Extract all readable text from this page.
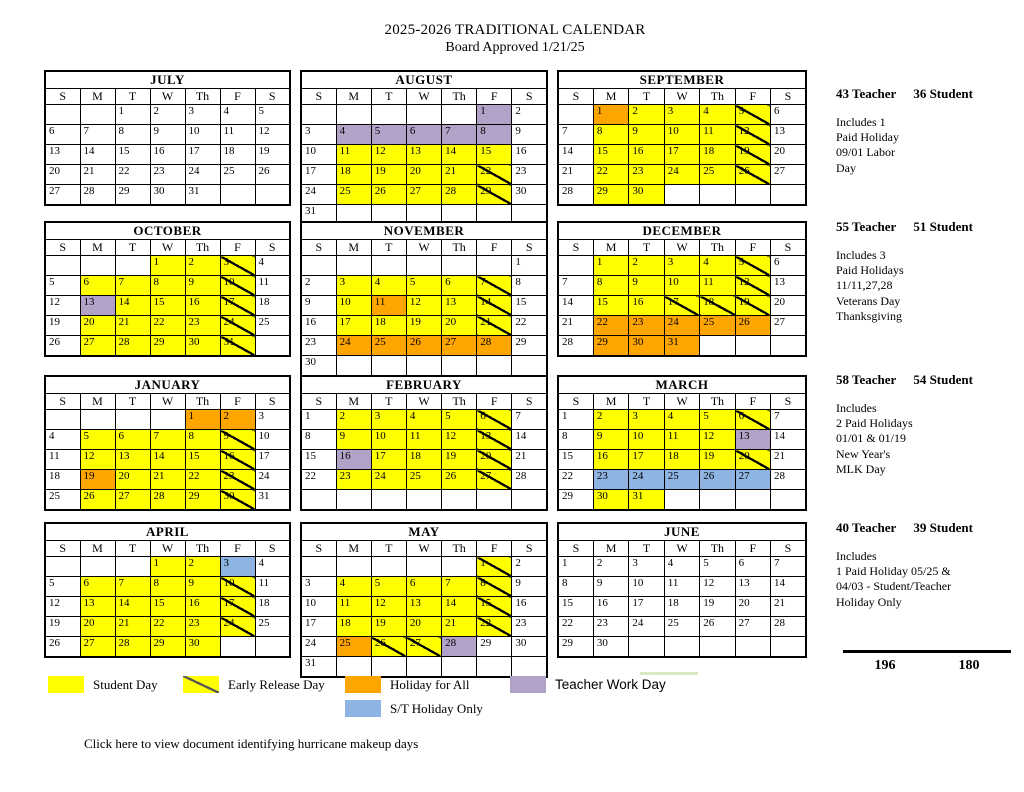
2025-2026 TRADITIONAL CALENDAR
Board Approved 1/21/25
JULY						
S	M	T	W	Th	F	S
		1	2	3	4	5
6	7	8	9	10	11	12
13	14	15	16	17	18	19
20	21	22	23	24	25	26
27	28	29	30	31		
AUGUST						
S	M	T	W	Th	F	S
					1	2
3	4	5	6	7	8	9
10	11	12	13	14	15	16
17	18	19	20	21	22	23
24	25	26	27	28	29	30
31						
SEPTEMBER						
S	M	T	W	Th	F	S
	1	2	3	4	5	6
7	8	9	10	11	12	13
14	15	16	17	18	19	20
21	22	23	24	25	26	27
28	29	30				
OCTOBER						
S	M	T	W	Th	F	S
			1	2	3	4
5	6	7	8	9	10	11
12	13	14	15	16	17	18
19	20	21	22	23	24	25
26	27	28	29	30	31	
NOVEMBER						
S	M	T	W	Th	F	S
						1
2	3	4	5	6	7	8
9	10	11	12	13	14	15
16	17	18	19	20	21	22
23	24	25	26	27	28	29
30						
DECEMBER						
S	M	T	W	Th	F	S
	1	2	3	4	5	6
7	8	9	10	11	12	13
14	15	16	17	18	19	20
21	22	23	24	25	26	27
28	29	30	31			
JANUARY						
S	M	T	W	Th	F	S
				1	2	3
4	5	6	7	8	9	10
11	12	13	14	15	16	17
18	19	20	21	22	23	24
25	26	27	28	29	30	31
FEBRUARY						
S	M	T	W	Th	F	S
1	2	3	4	5	6	7
8	9	10	11	12	13	14
15	16	17	18	19	20	21
22	23	24	25	26	27	28

MARCH						
S	M	T	W	Th	F	S
1	2	3	4	5	6	7
8	9	10	11	12	13	14
15	16	17	18	19	20	21
22	23	24	25	26	27	28
29	30	31				
APRIL						
S	M	T	W	Th	F	S
			1	2	3	4
5	6	7	8	9	10	11
12	13	14	15	16	17	18
19	20	21	22	23	24	25
26	27	28	29	30		
MAY						
S	M	T	W	Th	F	S
					1	2
3	4	5	6	7	8	9
10	11	12	13	14	15	16
17	18	19	20	21	22	23
24	25	26	27	28	29	30
31						
JUNE						
S	M	T	W	Th	F	S
1	2	3	4	5	6	7
8	9	10	11	12	13	14
15	16	17	18	19	20	21
22	23	24	25	26	27	28
29	30					
43 Teacher 36 Student
Includes 1
Paid Holiday
09/01 Labor
Day
55 Teacher 51 Student
Includes 3
Paid Holidays
11/11,27,28
Veterans Day
Thanksgiving
58 Teacher 54 Student
Includes
2 Paid Holidays
01/01 & 01/19
New Year's
MLK Day
40 Teacher 39 Student
Includes
1 Paid Holiday 05/25 &
04/03 - Student/Teacher
Holiday Only
196	180
Student Day	Early Release Day	Holiday for All	Teacher Work Day
S/T Holiday Only
Click here to view document identifying hurricane makeup days
